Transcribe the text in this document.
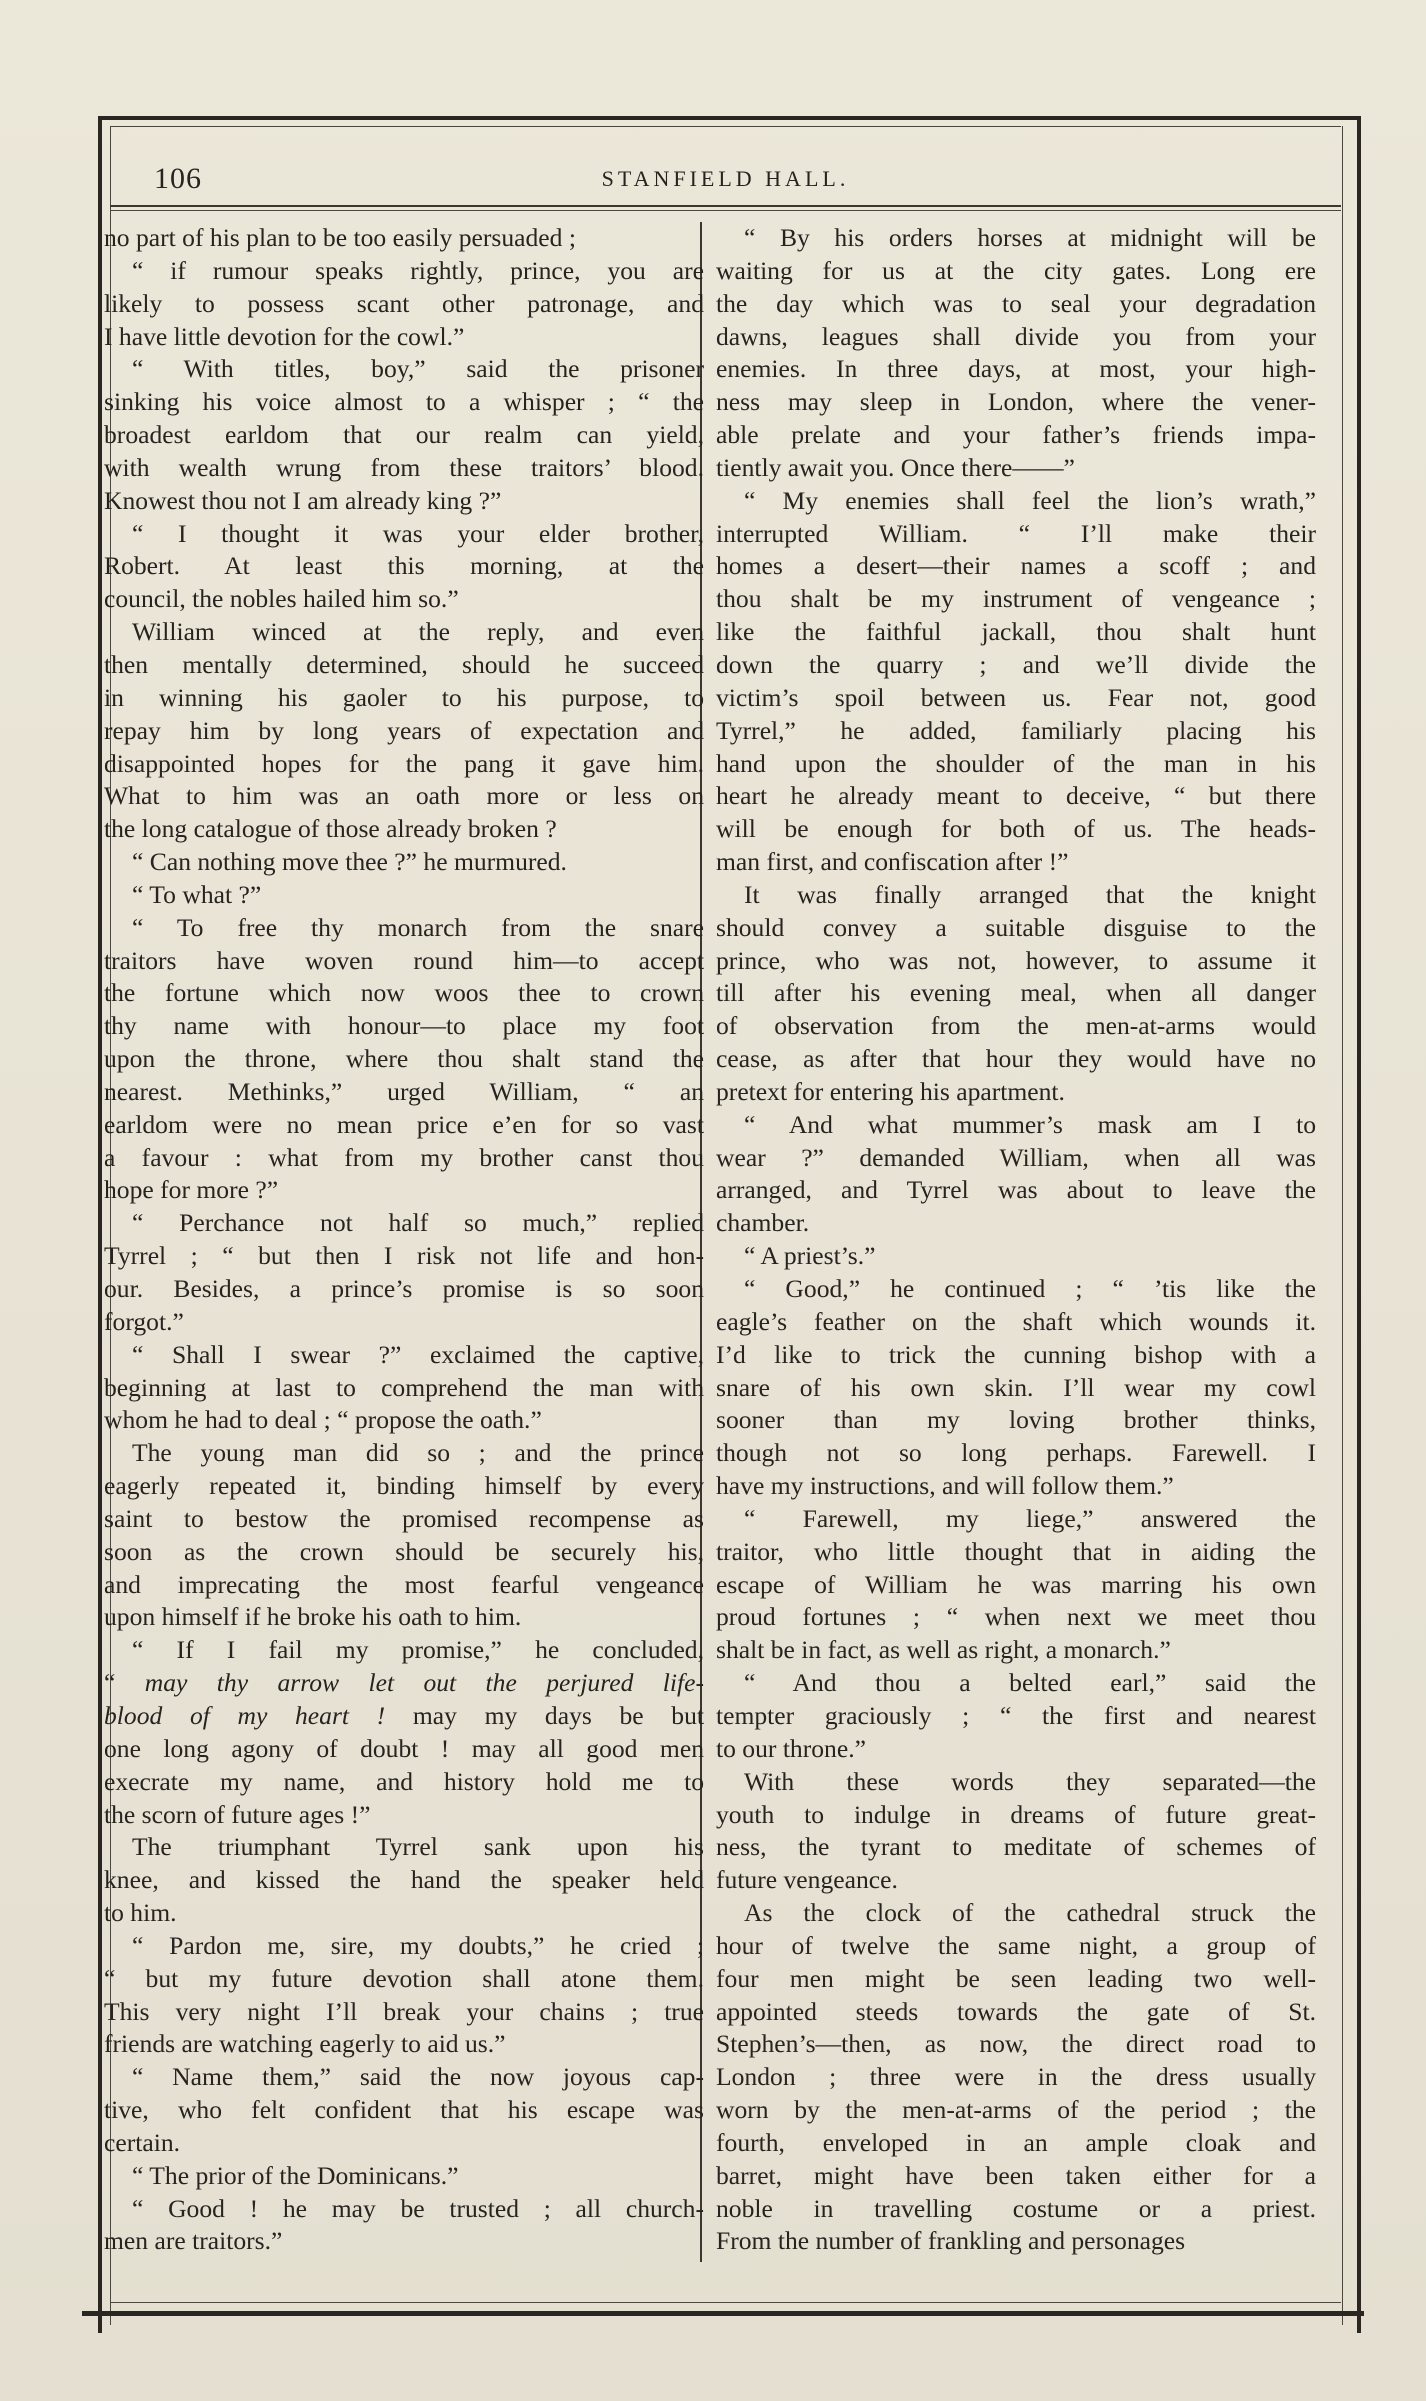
106	STANFIELD HALL.
no part of his plan to be too easily persuaded ;
“ if rumour speaks rightly, prince, you are
likely to possess scant other patronage, and
I have little devotion for the cowl.”
“ With titles, boy,” said the prisoner
sinking his voice almost to a whisper ; “ the
broadest earldom that our realm can yield,
with wealth wrung from these traitors’ blood.
Knowest thou not I am already king ?”
“ I thought it was your elder brother,
Robert. At least this morning, at the
council, the nobles hailed him so.”
William winced at the reply, and even
then mentally determined, should he succeed
in winning his gaoler to his purpose, to
repay him by long years of expectation and
disappointed hopes for the pang it gave him.
What to him was an oath more or less on
the long catalogue of those already broken ?
“ Can nothing move thee ?” he murmured.
“ To what ?”
“ To free thy monarch from the snare
traitors have woven round him—to accept
the fortune which now woos thee to crown
thy name with honour—to place my foot
upon the throne, where thou shalt stand the
nearest. Methinks,” urged William, “ an
earldom were no mean price e’en for so vast
a favour : what from my brother canst thou
hope for more ?”
“ Perchance not half so much,” replied
Tyrrel ; “ but then I risk not life and hon-
our. Besides, a prince’s promise is so soon
forgot.”
“ Shall I swear ?” exclaimed the captive,
beginning at last to comprehend the man with
whom he had to deal ; “ propose the oath.”
The young man did so ; and the prince
eagerly repeated it, binding himself by every
saint to bestow the promised recompense as
soon as the crown should be securely his,
and imprecating the most fearful vengeance
upon himself if he broke his oath to him.
“ If I fail my promise,” he concluded,
“ may thy arrow let out the perjured life-
blood of my heart ! may my days be but
one long agony of doubt ! may all good men
execrate my name, and history hold me to
the scorn of future ages !”
The triumphant Tyrrel sank upon his
knee, and kissed the hand the speaker held
to him.
“ Pardon me, sire, my doubts,” he cried ;
“ but my future devotion shall atone them.
This very night I’ll break your chains ; true
friends are watching eagerly to aid us.”
“ Name them,” said the now joyous cap-
tive, who felt confident that his escape was
certain.
“ The prior of the Dominicans.”
“ Good ! he may be trusted ; all church-
men are traitors.”
“ By his orders horses at midnight will be
waiting for us at the city gates. Long ere
the day which was to seal your degradation
dawns, leagues shall divide you from your
enemies. In three days, at most, your high-
ness may sleep in London, where the vener-
able prelate and your father’s friends impa-
tiently await you. Once there——”
“ My enemies shall feel the lion’s wrath,”
interrupted William. “ I’ll make their
homes a desert—their names a scoff ; and
thou shalt be my instrument of vengeance ;
like the faithful jackall, thou shalt hunt
down the quarry ; and we’ll divide the
victim’s spoil between us. Fear not, good
Tyrrel,” he added, familiarly placing his
hand upon the shoulder of the man in his
heart he already meant to deceive, “ but there
will be enough for both of us. The heads-
man first, and confiscation after !”
It was finally arranged that the knight
should convey a suitable disguise to the
prince, who was not, however, to assume it
till after his evening meal, when all danger
of observation from the men-at-arms would
cease, as after that hour they would have no
pretext for entering his apartment.
“ And what mummer’s mask am I to
wear ?” demanded William, when all was
arranged, and Tyrrel was about to leave the
chamber.
“ A priest’s.”
“ Good,” he continued ; “ ’tis like the
eagle’s feather on the shaft which wounds it.
I’d like to trick the cunning bishop with a
snare of his own skin. I’ll wear my cowl
sooner than my loving brother thinks,
though not so long perhaps. Farewell. I
have my instructions, and will follow them.”
“ Farewell, my liege,” answered the
traitor, who little thought that in aiding the
escape of William he was marring his own
proud fortunes ; “ when next we meet thou
shalt be in fact, as well as right, a monarch.”
“ And thou a belted earl,” said the
tempter graciously ; “ the first and nearest
to our throne.”
With these words they separated—the
youth to indulge in dreams of future great-
ness, the tyrant to meditate of schemes of
future vengeance.
As the clock of the cathedral struck the
hour of twelve the same night, a group of
four men might be seen leading two well-
appointed steeds towards the gate of St.
Stephen’s—then, as now, the direct road to
London ; three were in the dress usually
worn by the men-at-arms of the period ; the
fourth, enveloped in an ample cloak and
barret, might have been taken either for a
noble in travelling costume or a priest.
From the number of frankling and personages
